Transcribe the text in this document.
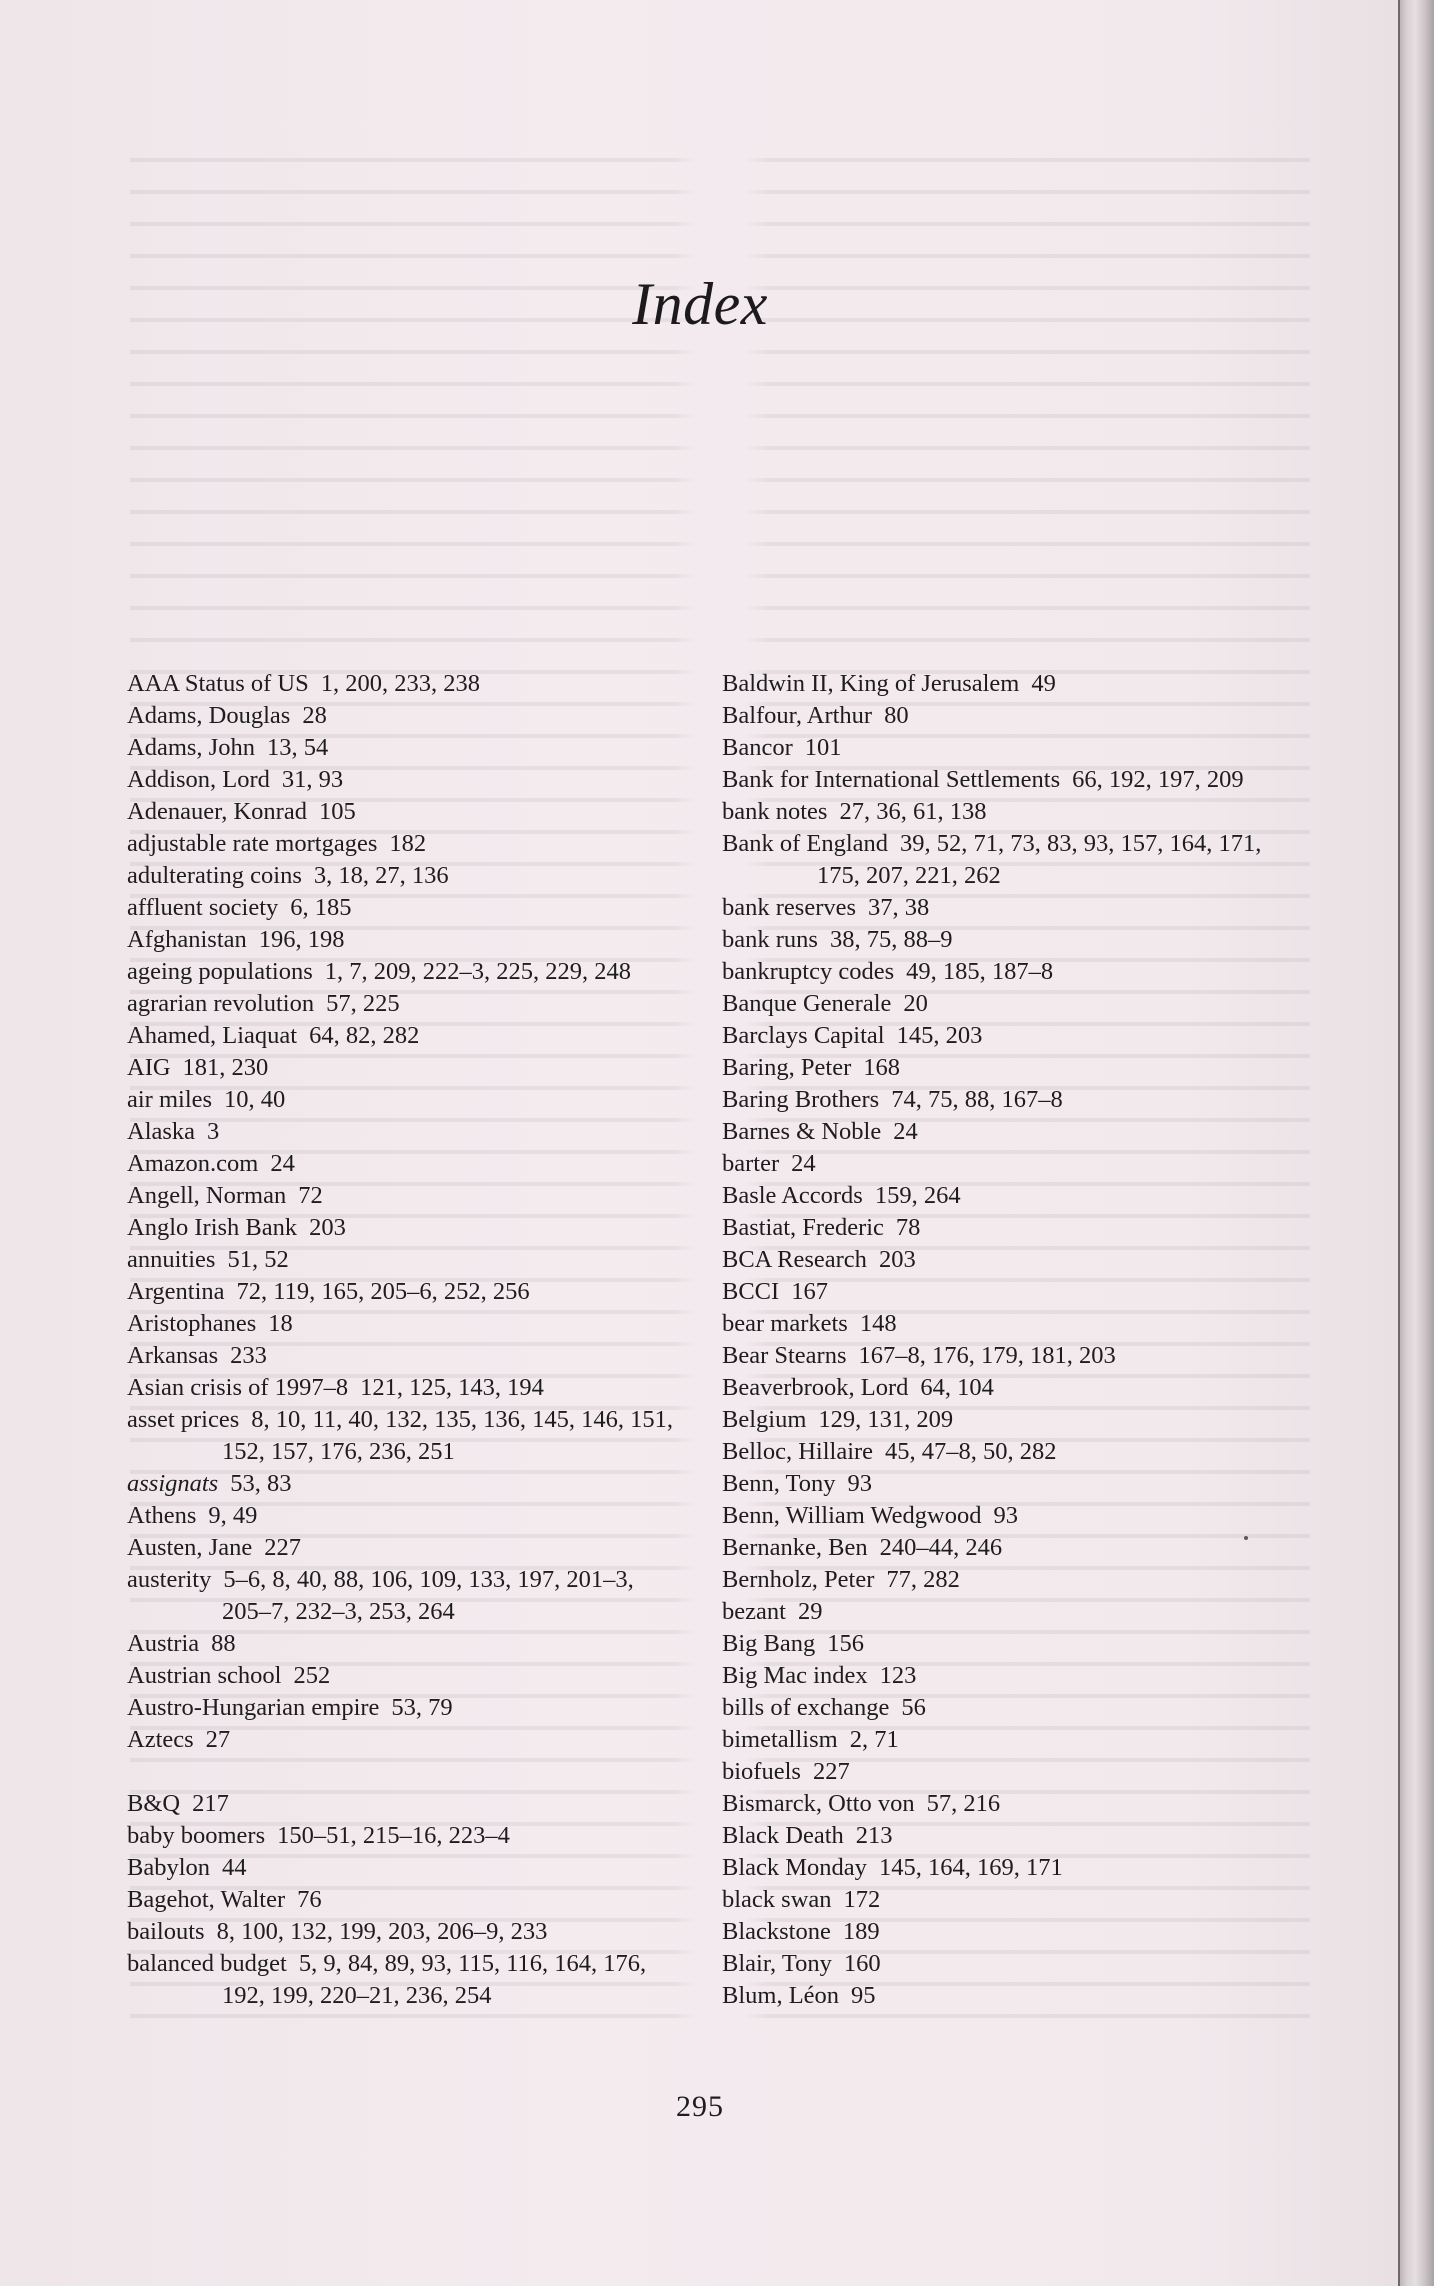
Index
AAA Status of US 1, 200, 233, 238
Adams, Douglas 28
Adams, John 13, 54
Addison, Lord 31, 93
Adenauer, Konrad 105
adjustable rate mortgages 182
adulterating coins 3, 18, 27, 136
affluent society 6, 185
Afghanistan 196, 198
ageing populations 1, 7, 209, 222–3, 225, 229, 248
agrarian revolution 57, 225
Ahamed, Liaquat 64, 82, 282
AIG 181, 230
air miles 10, 40
Alaska 3
Amazon.com 24
Angell, Norman 72
Anglo Irish Bank 203
annuities 51, 52
Argentina 72, 119, 165, 205–6, 252, 256
Aristophanes 18
Arkansas 233
Asian crisis of 1997–8 121, 125, 143, 194
asset prices 8, 10, 11, 40, 132, 135, 136, 145, 146, 151, 152, 157, 176, 236, 251
assignats 53, 83
Athens 9, 49
Austen, Jane 227
austerity 5–6, 8, 40, 88, 106, 109, 133, 197, 201–3, 205–7, 232–3, 253, 264
Austria 88
Austrian school 252
Austro-Hungarian empire 53, 79
Aztecs 27
B&Q 217
baby boomers 150–51, 215–16, 223–4
Babylon 44
Bagehot, Walter 76
bailouts 8, 100, 132, 199, 203, 206–9, 233
balanced budget 5, 9, 84, 89, 93, 115, 116, 164, 176, 192, 199, 220–21, 236, 254
Baldwin II, King of Jerusalem 49
Balfour, Arthur 80
Bancor 101
Bank for International Settlements 66, 192, 197, 209
bank notes 27, 36, 61, 138
Bank of England 39, 52, 71, 73, 83, 93, 157, 164, 171, 175, 207, 221, 262
bank reserves 37, 38
bank runs 38, 75, 88–9
bankruptcy codes 49, 185, 187–8
Banque Generale 20
Barclays Capital 145, 203
Baring, Peter 168
Baring Brothers 74, 75, 88, 167–8
Barnes & Noble 24
barter 24
Basle Accords 159, 264
Bastiat, Frederic 78
BCA Research 203
BCCI 167
bear markets 148
Bear Stearns 167–8, 176, 179, 181, 203
Beaverbrook, Lord 64, 104
Belgium 129, 131, 209
Belloc, Hillaire 45, 47–8, 50, 282
Benn, Tony 93
Benn, William Wedgwood 93
Bernanke, Ben 240–44, 246
Bernholz, Peter 77, 282
bezant 29
Big Bang 156
Big Mac index 123
bills of exchange 56
bimetallism 2, 71
biofuels 227
Bismarck, Otto von 57, 216
Black Death 213
Black Monday 145, 164, 169, 171
black swan 172
Blackstone 189
Blair, Tony 160
Blum, Léon 95
295
